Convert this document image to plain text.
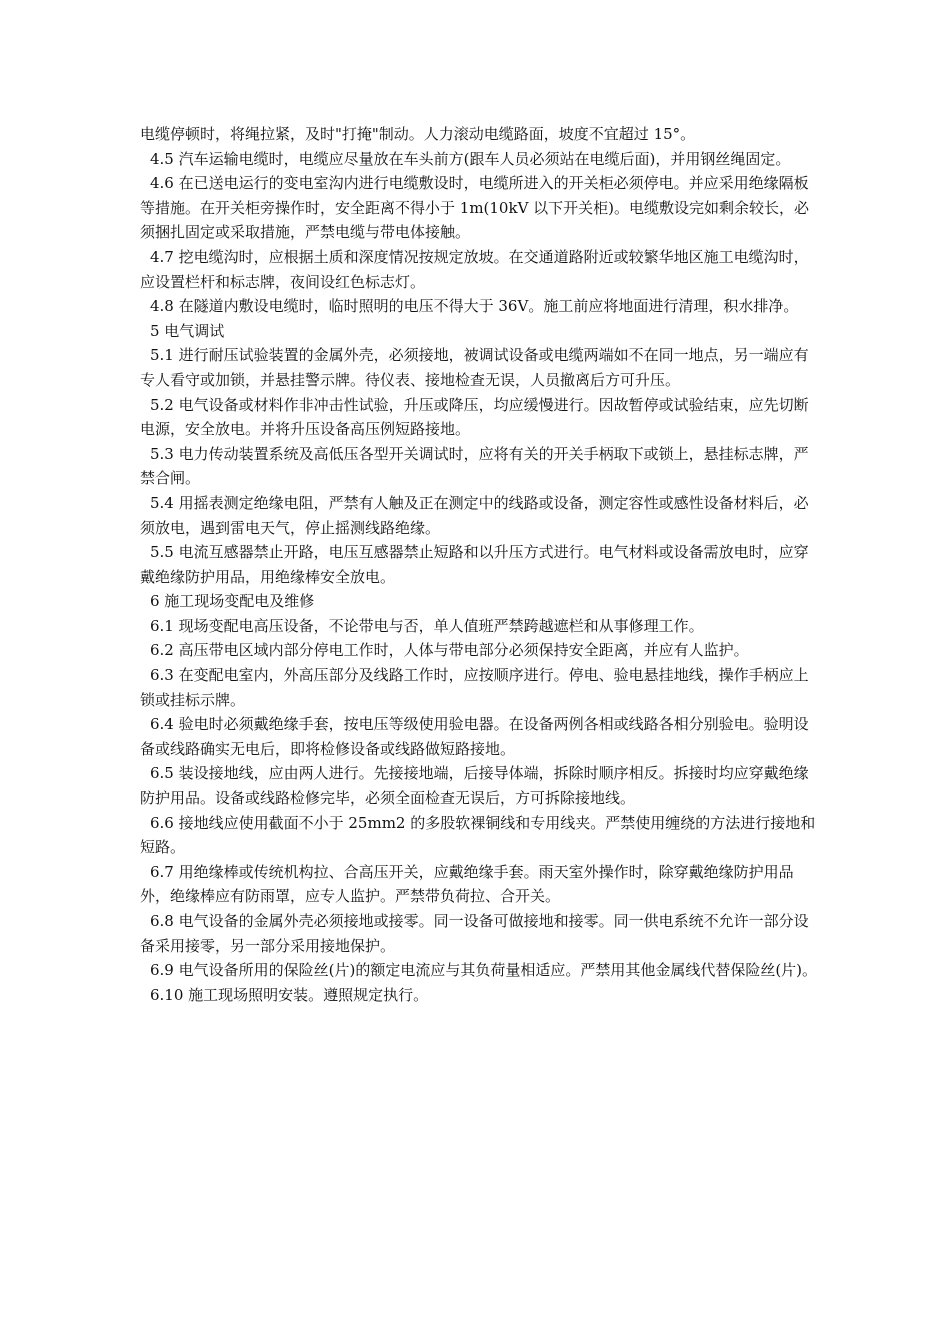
电缆停顿时，将绳拉紧，及时"打掩"制动。人力滚动电缆路面，坡度不宜超过 15°。

4.5 汽车运输电缆时，电缆应尽量放在车头前方(跟车人员必须站在电缆后面)，并用钢丝绳固定。

4.6 在已送电运行的变电室沟内进行电缆敷设时，电缆所进入的开关柜必须停电。并应采用绝缘隔板等措施。在开关柜旁操作时，安全距离不得小于 1m(10kV 以下开关柜)。电缆敷设完如剩余较长，必须捆扎固定或采取措施，严禁电缆与带电体接触。

4.7 挖电缆沟时，应根据土质和深度情况按规定放坡。在交通道路附近或较繁华地区施工电缆沟时，应设置栏杆和标志牌，夜间设红色标志灯。

4.8 在隧道内敷设电缆时，临时照明的电压不得大于 36V。施工前应将地面进行清理，积水排净。

5 电气调试

5.1 进行耐压试验装置的金属外壳，必须接地，被调试设备或电缆两端如不在同一地点，另一端应有专人看守或加锁，并悬挂警示牌。待仪表、接地检查无误，人员撤离后方可升压。

5.2 电气设备或材料作非冲击性试验，升压或降压，均应缓慢进行。因故暂停或试验结束，应先切断电源，安全放电。并将升压设备高压例短路接地。

5.3 电力传动装置系统及高低压各型开关调试时，应将有关的开关手柄取下或锁上，悬挂标志牌，严禁合闸。

5.4 用摇表测定绝缘电阻，严禁有人触及正在测定中的线路或设备，测定容性或感性设备材料后，必须放电，遇到雷电天气，停止摇测线路绝缘。

5.5 电流互感器禁止开路，电压互感器禁止短路和以升压方式进行。电气材料或设备需放电时，应穿戴绝缘防护用品，用绝缘棒安全放电。

6 施工现场变配电及维修

6.1 现场变配电高压设备，不论带电与否，单人值班严禁跨越遮栏和从事修理工作。

6.2 高压带电区域内部分停电工作时，人体与带电部分必须保持安全距离，并应有人监护。

6.3 在变配电室内，外高压部分及线路工作时，应按顺序进行。停电、验电悬挂地线，操作手柄应上锁或挂标示牌。

6.4 验电时必须戴绝缘手套，按电压等级使用验电器。在设备两例各相或线路各相分别验电。验明设备或线路确实无电后，即将检修设备或线路做短路接地。

6.5 装设接地线，应由两人进行。先接接地端，后接导体端，拆除时顺序相反。拆接时均应穿戴绝缘防护用品。设备或线路检修完毕，必须全面检查无误后，方可拆除接地线。

6.6 接地线应使用截面不小于 25mm2 的多股软裸铜线和专用线夹。严禁使用缠绕的方法进行接地和短路。

6.7 用绝缘棒或传统机构拉、合高压开关，应戴绝缘手套。雨天室外操作时，除穿戴绝缘防护用品外，绝缘棒应有防雨罩，应专人监护。严禁带负荷拉、合开关。

6.8 电气设备的金属外壳必须接地或接零。同一设备可做接地和接零。同一供电系统不允许一部分设备采用接零，另一部分采用接地保护。

6.9 电气设备所用的保险丝(片)的额定电流应与其负荷量相适应。严禁用其他金属线代替保险丝(片)。

6.10 施工现场照明安装。遵照规定执行。
